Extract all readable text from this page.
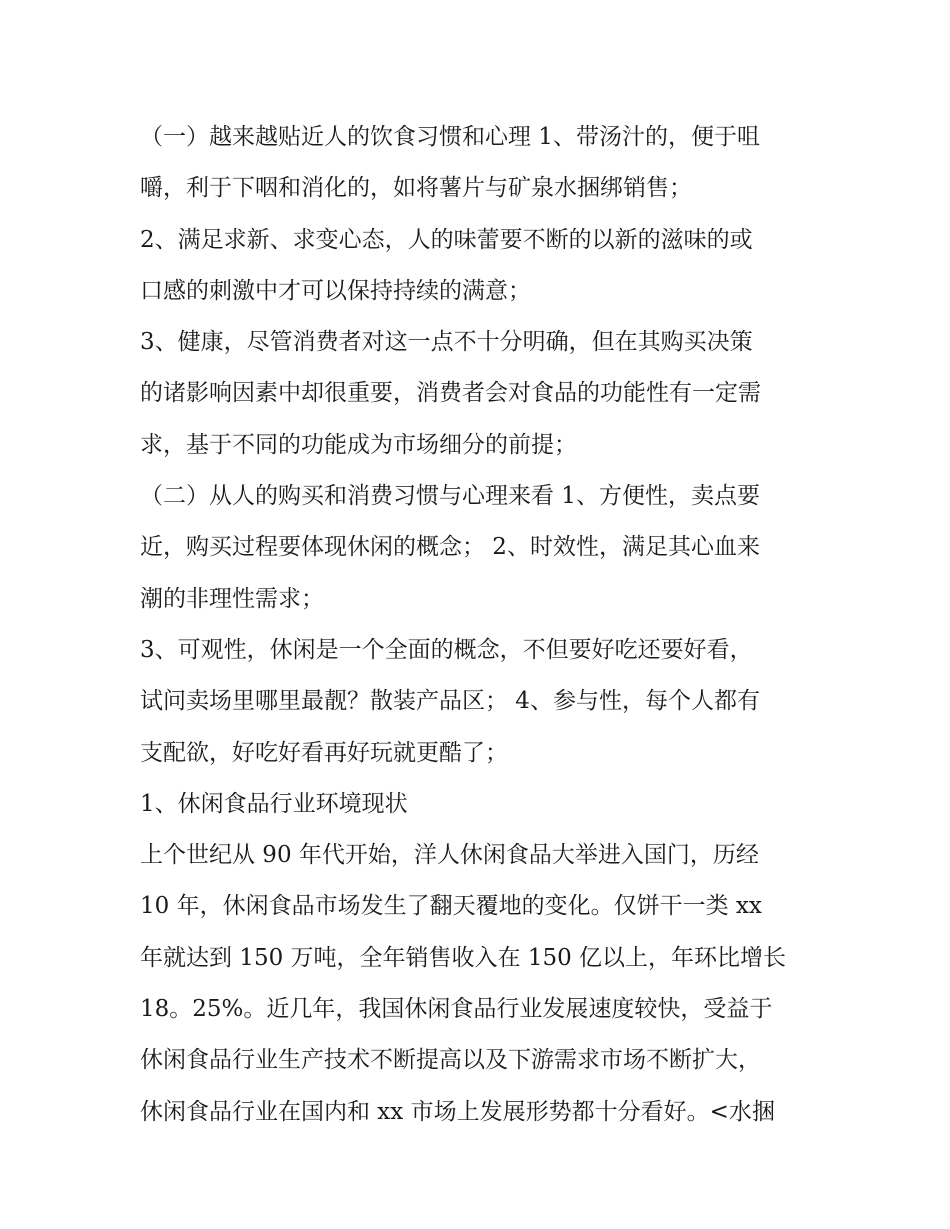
（一）越来越贴近人的饮食习惯和心理 1、带汤汁的，便于咀
嚼，利于下咽和消化的，如将薯片与矿泉水捆绑销售；
2、满足求新、求变心态，人的味蕾要不断的以新的滋味的或
口感的刺激中才可以保持持续的满意；
3、健康，尽管消费者对这一点不十分明确，但在其购买决策
的诸影响因素中却很重要，消费者会对食品的功能性有一定需
求，基于不同的功能成为市场细分的前提；
（二）从人的购买和消费习惯与心理来看 1、方便性，卖点要
近，购买过程要体现休闲的概念； 2、时效性，满足其心血来
潮的非理性需求；
3、可观性，休闲是一个全面的概念，不但要好吃还要好看，
试问卖场里哪里最靓？散装产品区； 4、参与性，每个人都有
支配欲，好吃好看再好玩就更酷了；
1、休闲食品行业环境现状
上个世纪从 90 年代开始，洋人休闲食品大举进入国门，历经
10 年，休闲食品市场发生了翻天覆地的变化。仅饼干一类 xx
年就达到 150 万吨，全年销售收入在 150 亿以上，年环比增长
18。25%。近几年，我国休闲食品行业发展速度较快，受益于
休闲食品行业生产技术不断提高以及下游需求市场不断扩大，
休闲食品行业在国内和 xx 市场上发展形势都十分看好。<水捆
